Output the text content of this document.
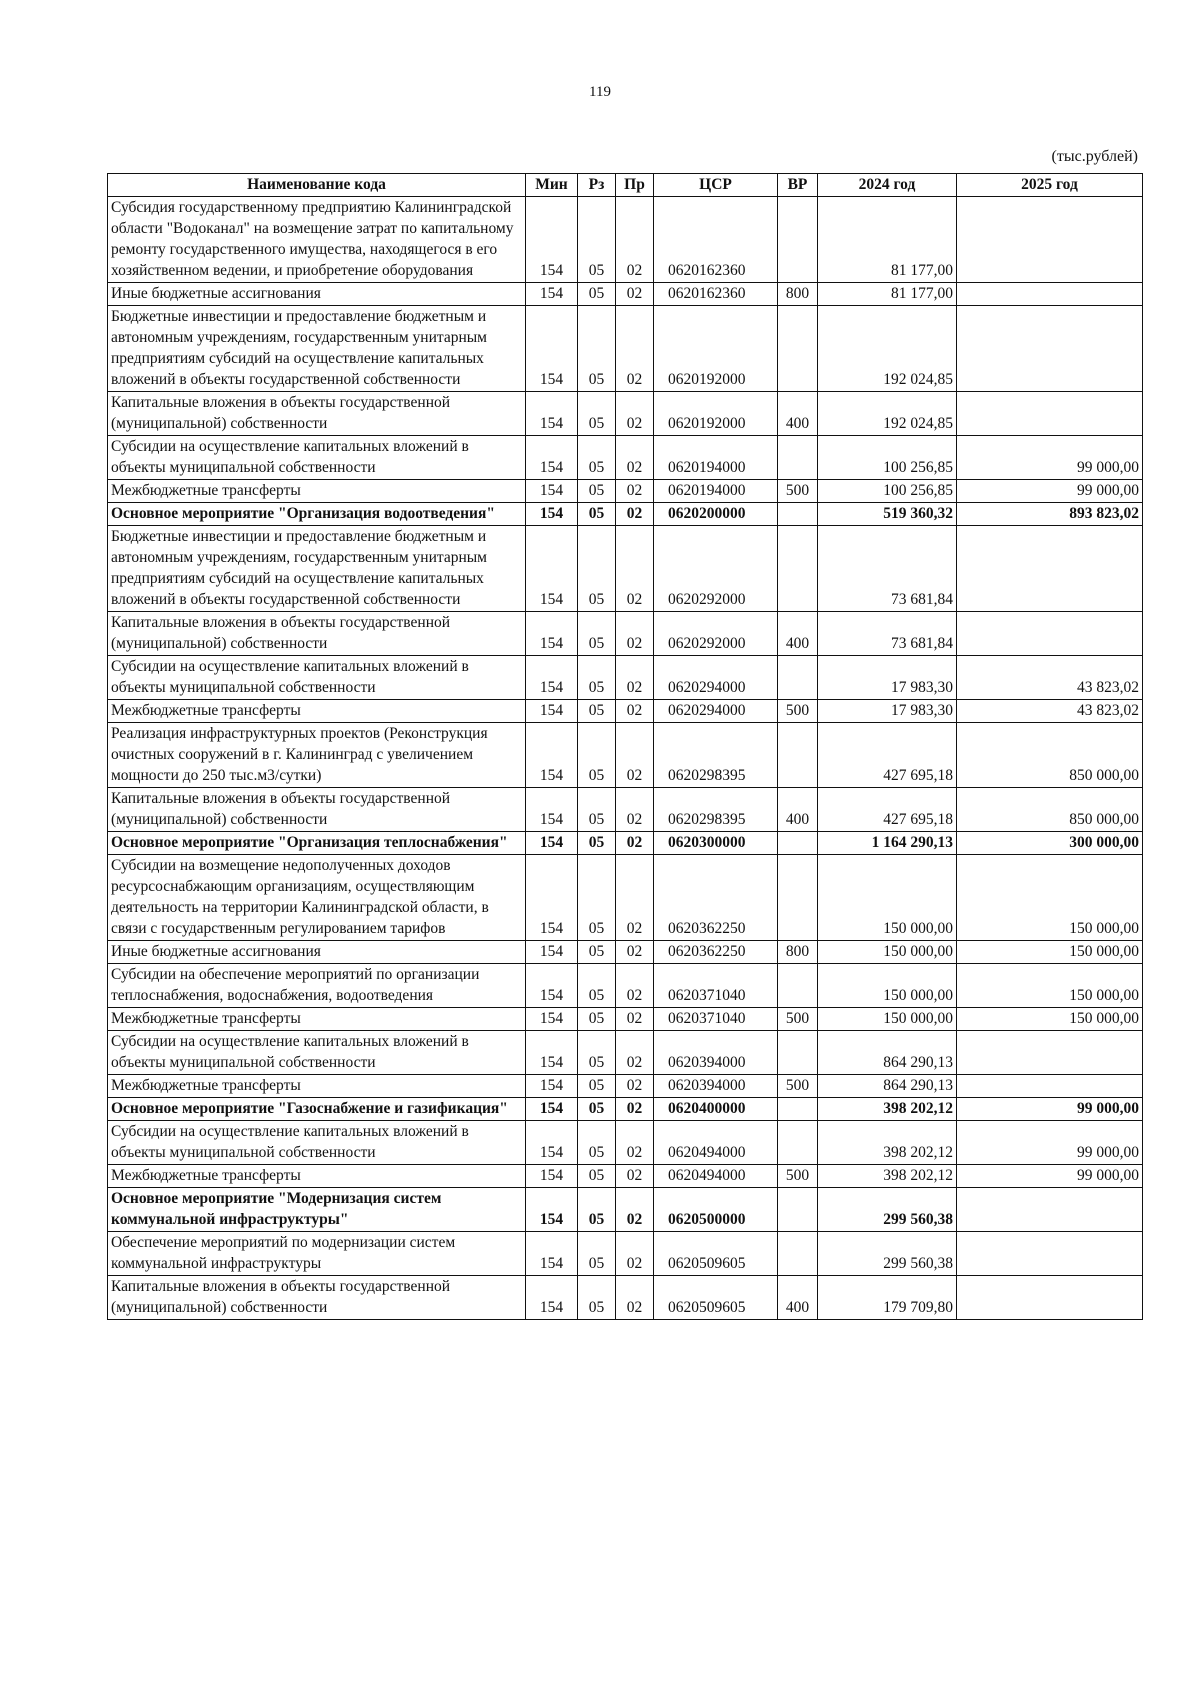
119
(тыс.рублей)
Наименование кода	Мин	Рз	Пр	ЦСР	ВР	2024 год	2025 год
Субсидия государственному предприятию Калининградской области "Водоканал" на возмещение затрат по капитальному ремонту государственного имущества, находящегося в его хозяйственном ведении, и приобретение оборудования	154	05	02	0620162360		81 177,00	
Иные бюджетные ассигнования	154	05	02	0620162360	800	81 177,00	
Бюджетные инвестиции и предоставление бюджетным и автономным учреждениям, государственным унитарным предприятиям субсидий на осуществление капитальных вложений в объекты государственной собственности	154	05	02	0620192000		192 024,85	
Капитальные вложения в объекты государственной (муниципальной) собственности	154	05	02	0620192000	400	192 024,85	
Субсидии на осуществление капитальных вложений в объекты муниципальной собственности	154	05	02	0620194000		100 256,85	99 000,00
Межбюджетные трансферты	154	05	02	0620194000	500	100 256,85	99 000,00
Основное мероприятие "Организация водоотведения"	154	05	02	0620200000		519 360,32	893 823,02
Бюджетные инвестиции и предоставление бюджетным и автономным учреждениям, государственным унитарным предприятиям субсидий на осуществление капитальных вложений в объекты государственной собственности	154	05	02	0620292000		73 681,84	
Капитальные вложения в объекты государственной (муниципальной) собственности	154	05	02	0620292000	400	73 681,84	
Субсидии на осуществление капитальных вложений в объекты муниципальной собственности	154	05	02	0620294000		17 983,30	43 823,02
Межбюджетные трансферты	154	05	02	0620294000	500	17 983,30	43 823,02
Реализация инфраструктурных проектов (Реконструкция очистных сооружений в г. Калининград с увеличением мощности до 250 тыс.м3/сутки)	154	05	02	0620298395		427 695,18	850 000,00
Капитальные вложения в объекты государственной (муниципальной) собственности	154	05	02	0620298395	400	427 695,18	850 000,00
Основное мероприятие "Организация теплоснабжения"	154	05	02	0620300000		1 164 290,13	300 000,00
Субсидии на возмещение недополученных доходов ресурсоснабжающим организациям, осуществляющим деятельность на территории Калининградской области, в связи с государственным регулированием тарифов	154	05	02	0620362250		150 000,00	150 000,00
Иные бюджетные ассигнования	154	05	02	0620362250	800	150 000,00	150 000,00
Субсидии на обеспечение мероприятий по организации теплоснабжения, водоснабжения, водоотведения	154	05	02	0620371040		150 000,00	150 000,00
Межбюджетные трансферты	154	05	02	0620371040	500	150 000,00	150 000,00
Субсидии на осуществление капитальных вложений в объекты муниципальной собственности	154	05	02	0620394000		864 290,13	
Межбюджетные трансферты	154	05	02	0620394000	500	864 290,13	
Основное мероприятие "Газоснабжение и газификация"	154	05	02	0620400000		398 202,12	99 000,00
Субсидии на осуществление капитальных вложений в объекты муниципальной собственности	154	05	02	0620494000		398 202,12	99 000,00
Межбюджетные трансферты	154	05	02	0620494000	500	398 202,12	99 000,00
Основное мероприятие "Модернизация систем коммунальной инфраструктуры"	154	05	02	0620500000		299 560,38	
Обеспечение мероприятий по модернизации систем коммунальной инфраструктуры	154	05	02	0620509605		299 560,38	
Капитальные вложения в объекты государственной (муниципальной) собственности	154	05	02	0620509605	400	179 709,80	
